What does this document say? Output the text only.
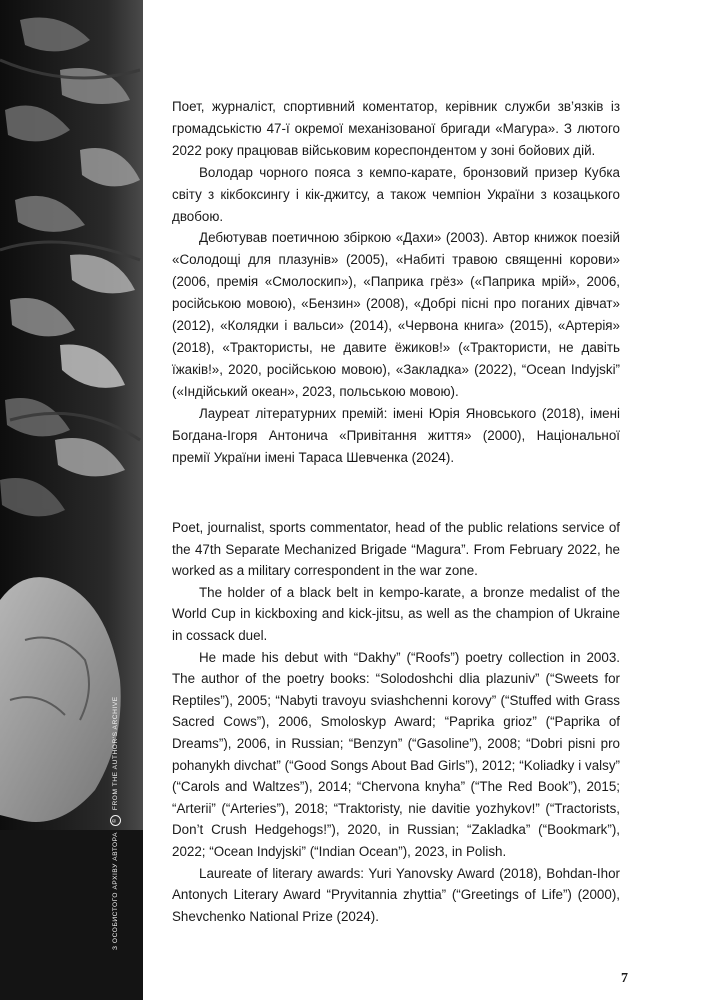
З ОСОБИСТОГО АРХІВУ АВТОРА © FROM THE AUTHOR'S ARCHIVE

Поет, журналіст, спортивний коментатор, керівник служби зв’язків із громадськістю 47-ї окремої механізованої бригади «Магура». З лютого 2022 року працював військовим кореспондентом у зоні бойових дій.

Володар чорного пояса з кемпо-карате, бронзовий призер Кубка світу з кікбоксингу і кік-джитсу, а також чемпіон України з козацького двобою.

Дебютував поетичною збіркою «Дахи» (2003). Автор книжок поезій «Солодощі для плазунів» (2005), «Набиті травою священні корови» (2006, премія «Смолоскип»), «Паприка грёз» («Паприка мрій», 2006, російською мовою), «Бензин» (2008), «Добрі пісні про поганих дівчат» (2012), «Колядки і вальси» (2014), «Червона книга» (2015), «Артерія» (2018), «Трактористы, не давите ёжиков!» («Трактористи, не давіть їжаків!», 2020, російською мовою), «Закладка» (2022), “Ocean Indyjski” («Індійський океан», 2023, польською мовою).

Лауреат літературних премій: імені Юрія Яновського (2018), імені Богдана-Ігоря Антонича «Привітання життя» (2000), Національної премії України імені Тараса Шевченка (2024).

Poet, journalist, sports commentator, head of the public relations service of the 47th Separate Mechanized Brigade “Magura”. From February 2022, he worked as a military correspondent in the war zone.

The holder of a black belt in kempo-karate, a bronze medalist of the World Cup in kickboxing and kick-jitsu, as well as the champion of Ukraine in cossack duel.

He made his debut with “Dakhy” (“Roofs”) poetry collection in 2003. The author of the poetry books: “Solodoshchi dlia plazuniv” (“Sweets for Reptiles”), 2005; “Nabyti travoyu sviashchenni korovy” (“Stuffed with Grass Sacred Cows”), 2006, Smoloskyp Award; “Paprika grioz” (“Paprika of Dreams”), 2006, in Russian; “Benzyn” (“Gasoline”), 2008; “Dobri pisni pro pohanykh divchat” (“Good Songs About Bad Girls”), 2012; “Koliadky i valsy” (“Carols and Waltzes”), 2014; “Chervona knyha” (“The Red Book”), 2015; “Arterii” (“Arteries”), 2018; “Traktoristy, nie davitie yozhykov!” (“Tractorists, Don’t Crush Hedgehogs!”), 2020, in Russian; “Zakladka” (“Bookmark”), 2022; “Ocean Indyjski” (“Indian Ocean”), 2023, in Polish.

Laureate of literary awards: Yuri Yanovsky Award (2018), Bohdan-Ihor Antonych Literary Award “Pryvitannia zhyttia” (“Greetings of Life”) (2000), Shevchenko National Prize (2024).

7
